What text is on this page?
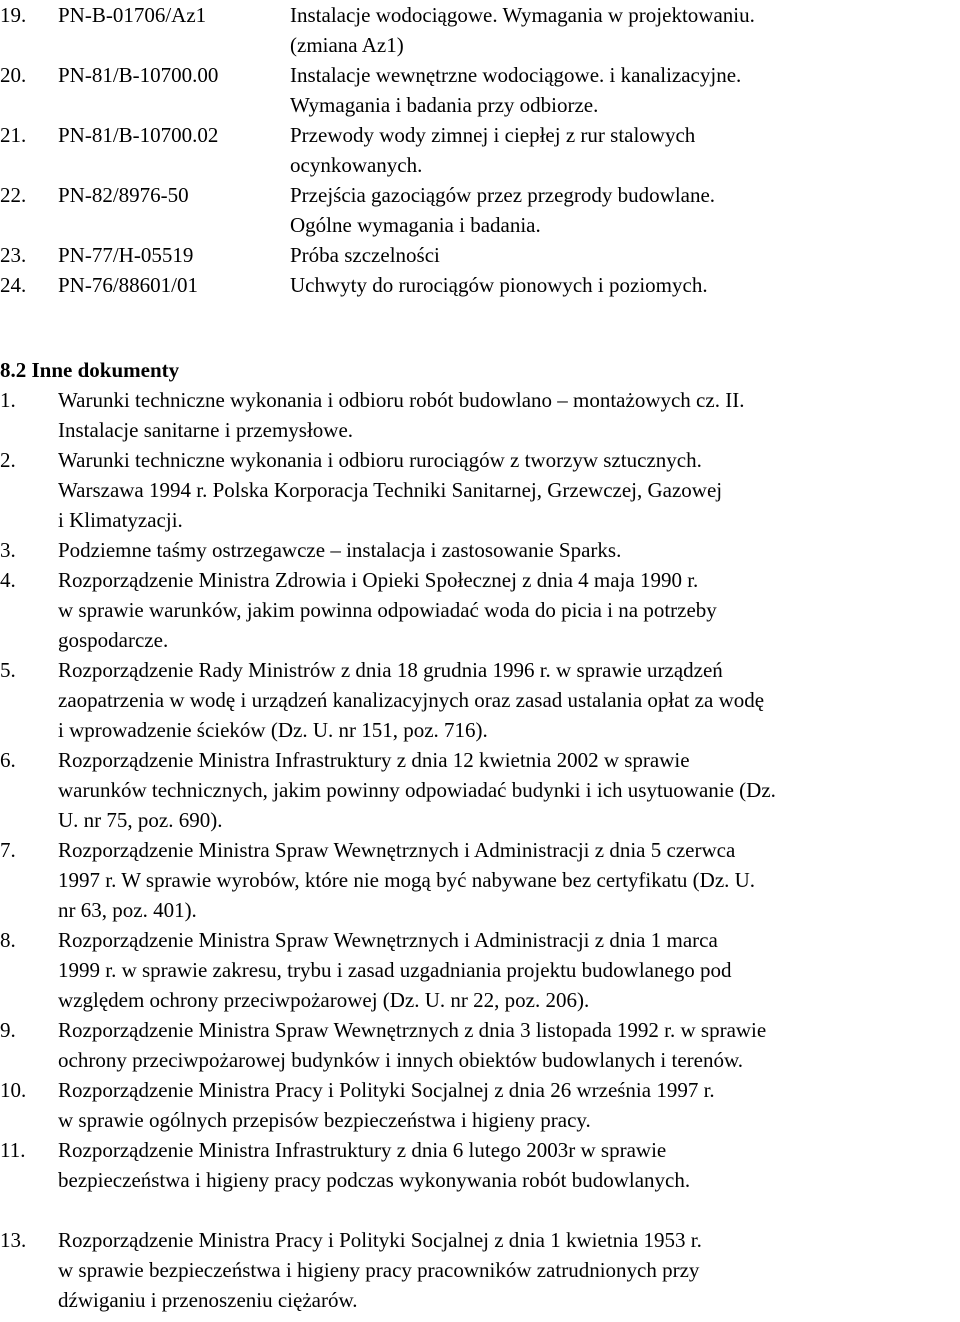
19. PN-B-01706/Az1	Instalacje wodociągowe. Wymagania w projektowaniu.
(zmiana Az1)
20. PN-81/B-10700.00	Instalacje wewnętrzne wodociągowe. i kanalizacyjne.
Wymagania i badania przy odbiorze.
21. PN-81/B-10700.02	Przewody wody zimnej i ciepłej z rur stalowych
ocynkowanych.
22. PN-82/8976-50	Przejścia gazociągów przez przegrody budowlane.
Ogólne wymagania i badania.
23. PN-77/H-05519	Próba szczelności
24. PN-76/88601/01	Uchwyty do rurociągów pionowych i poziomych.
8.2 Inne dokumenty
1. Warunki techniczne wykonania i odbioru robót budowlano – montażowych cz. II.
Instalacje sanitarne i przemysłowe.
2. Warunki techniczne wykonania i odbioru rurociągów z tworzyw sztucznych.
Warszawa 1994 r. Polska Korporacja Techniki Sanitarnej, Grzewczej, Gazowej
i Klimatyzacji.
3. Podziemne taśmy ostrzegawcze – instalacja i zastosowanie Sparks.
4. Rozporządzenie Ministra Zdrowia i Opieki Społecznej z dnia 4 maja 1990 r.
w sprawie warunków, jakim powinna odpowiadać woda do picia i na potrzeby
gospodarcze.
5. Rozporządzenie Rady Ministrów z dnia 18 grudnia 1996 r. w sprawie urządzeń
zaopatrzenia w wodę i urządzeń kanalizacyjnych oraz zasad ustalania opłat za wodę
i wprowadzenie ścieków (Dz. U. nr 151, poz. 716).
6. Rozporządzenie Ministra Infrastruktury z dnia 12 kwietnia 2002 w sprawie
warunków technicznych, jakim powinny odpowiadać budynki i ich usytuowanie (Dz.
U. nr 75, poz. 690).
7. Rozporządzenie Ministra Spraw Wewnętrznych i Administracji z dnia 5 czerwca
1997 r. W sprawie wyrobów, które nie mogą być nabywane bez certyfikatu (Dz. U.
nr 63, poz. 401).
8. Rozporządzenie Ministra Spraw Wewnętrznych i Administracji z dnia 1 marca
1999 r. w sprawie zakresu, trybu i zasad uzgadniania projektu budowlanego pod
względem ochrony przeciwpożarowej (Dz. U. nr 22, poz. 206).
9. Rozporządzenie Ministra Spraw Wewnętrznych z dnia 3 listopada 1992 r. w sprawie
ochrony przeciwpożarowej budynków i innych obiektów budowlanych i terenów.
10. Rozporządzenie Ministra Pracy i Polityki Socjalnej z dnia 26 września 1997 r.
w sprawie ogólnych przepisów bezpieczeństwa i higieny pracy.
11. Rozporządzenie Ministra Infrastruktury z dnia 6 lutego 2003r w sprawie
bezpieczeństwa i higieny pracy podczas wykonywania robót budowlanych.
13. Rozporządzenie Ministra Pracy i Polityki Socjalnej z dnia 1 kwietnia 1953 r.
w sprawie bezpieczeństwa i higieny pracy pracowników zatrudnionych przy
dźwiganiu i przenoszeniu ciężarów.
